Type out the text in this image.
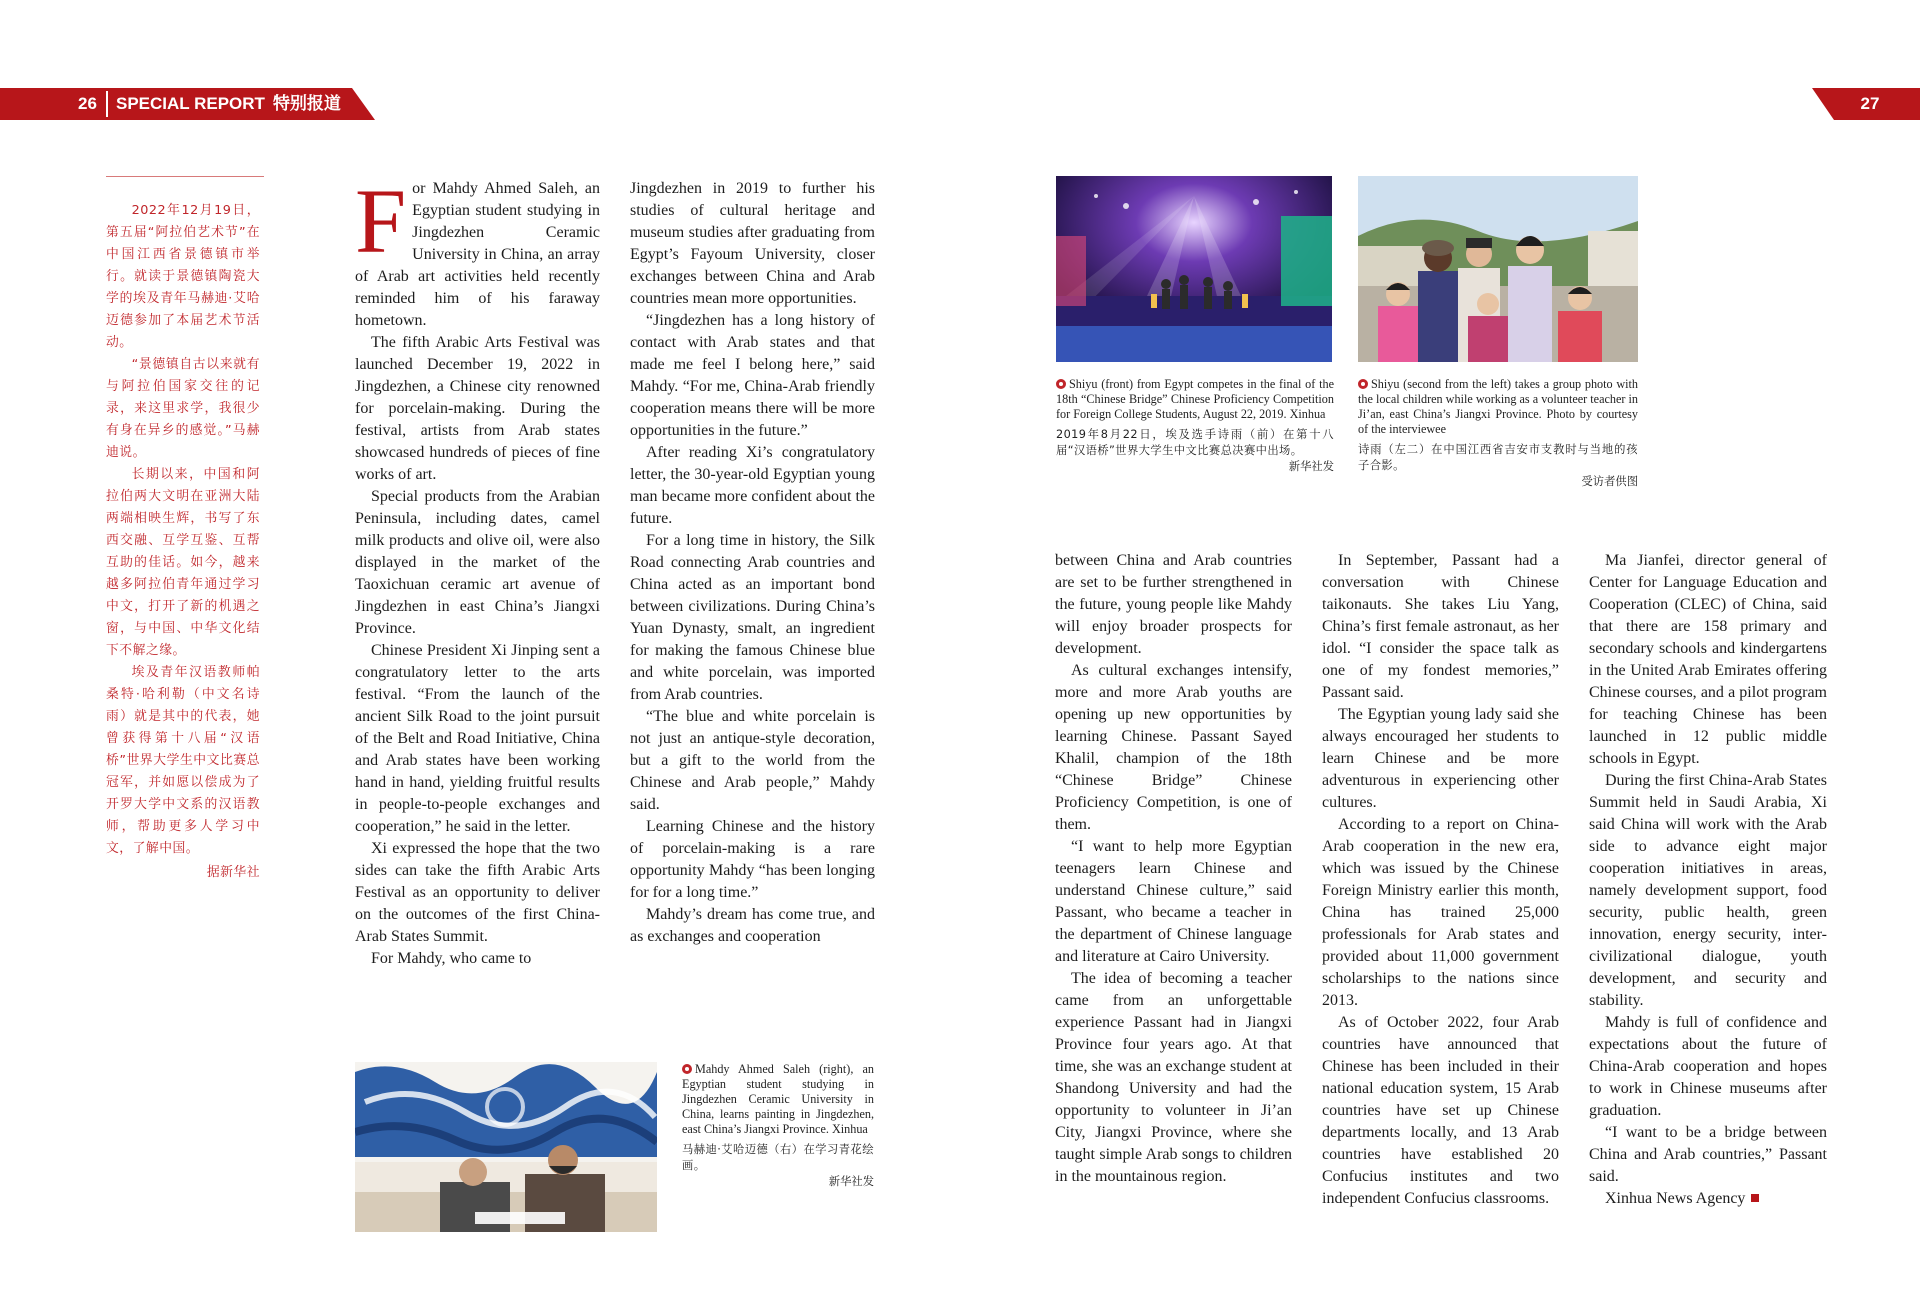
26	SPECIAL REPORT 特别报道	27

2022年12月19日，第五届“阿拉伯艺术节”在中国江西省景德镇市举行。就读于景德镇陶瓷大学的埃及青年马赫迪·艾哈迈德参加了本届艺术节活动。

“景德镇自古以来就有与阿拉伯国家交往的记录，来这里求学，我很少有身在异乡的感觉。”马赫迪说。

长期以来，中国和阿拉伯两大文明在亚洲大陆两端相映生辉，书写了东西交融、互学互鉴、互帮互助的佳话。如今，越来越多阿拉伯青年通过学习中文，打开了新的机遇之窗，与中国、中华文化结下不解之缘。

埃及青年汉语教师帕桑特·哈利勒（中文名诗雨）就是其中的代表，她曾获得第十八届“汉语桥”世界大学生中文比赛总冠军，并如愿以偿成为了开罗大学中文系的汉语教师，帮助更多人学习中文，了解中国。

据新华社

For Mahdy Ahmed Saleh, an Egyptian student studying in Jingdezhen Ceramic University in China, an array of Arab art activities held recently reminded him of his faraway hometown.

The fifth Arabic Arts Festival was launched December 19, 2022 in Jingdezhen, a Chinese city renowned for porcelain-making. During the festival, artists from Arab states showcased hundreds of pieces of fine works of art.

Special products from the Arabian Peninsula, including dates, camel milk products and olive oil, were also displayed in the market of the Taoxichuan ceramic art avenue of Jingdezhen in east China’s Jiangxi Province.

Chinese President Xi Jinping sent a congratulatory letter to the arts festival. “From the launch of the ancient Silk Road to the joint pursuit of the Belt and Road Initiative, China and Arab states have been working hand in hand, yielding fruitful results in people-to-people exchanges and cooperation,” he said in the letter.

Xi expressed the hope that the two sides can take the fifth Arabic Arts Festival as an opportunity to deliver on the outcomes of the first China-Arab States Summit.

For Mahdy, who came to

Jingdezhen in 2019 to further his studies of cultural heritage and museum studies after graduating from Egypt’s Fayoum University, closer exchanges between China and Arab countries mean more opportunities.

“Jingdezhen has a long history of contact with Arab states and that made me feel I belong here,” said Mahdy. “For me, China-Arab friendly cooperation means there will be more opportunities in the future.”

After reading Xi’s congratulatory letter, the 30-year-old Egyptian young man became more confident about the future.

For a long time in history, the Silk Road connecting Arab countries and China acted as an important bond between civilizations. During China’s Yuan Dynasty, smalt, an ingredient for making the famous Chinese blue and white porcelain, was imported from Arab countries.

“The blue and white porcelain is not just an antique-style decoration, but a gift to the world from the Chinese and Arab people,” Mahdy said.

Learning Chinese and the history of porcelain-making is a rare opportunity Mahdy “has been longing for for a long time.”

Mahdy’s dream has come true, and as exchanges and cooperation

Shiyu (front) from Egypt competes in the final of the 18th “Chinese Bridge” Chinese Proficiency Competition for Foreign College Students, August 22, 2019. Xinhua

2019年8月22日，埃及选手诗雨（前）在第十八届“汉语桥”世界大学生中文比赛总决赛中出场。

新华社发

Shiyu (second from the left) takes a group photo with the local children while working as a volunteer teacher in Ji’an, east China’s Jiangxi Province. Photo by courtesy of the interviewee

诗雨（左二）在中国江西省吉安市支教时与当地的孩子合影。

受访者供图

between China and Arab countries are set to be further strengthened in the future, young people like Mahdy will enjoy broader prospects for development.

As cultural exchanges intensify, more and more Arab youths are opening up new opportunities by learning Chinese. Passant Sayed Khalil, champion of the 18th “Chinese Bridge” Chinese Proficiency Competition, is one of them.

“I want to help more Egyptian teenagers learn Chinese and understand Chinese culture,” said Passant, who became a teacher in the department of Chinese language and literature at Cairo University.

The idea of becoming a teacher came from an unforgettable experience Passant had in Jiangxi Province four years ago. At that time, she was an exchange student at Shandong University and had the opportunity to volunteer in Ji’an City, Jiangxi Province, where she taught simple Arab songs to children in the mountainous region.

In September, Passant had a conversation with Chinese taikonauts. She takes Liu Yang, China’s first female astronaut, as her idol. “I consider the space talk as one of my fondest memories,” Passant said.

The Egyptian young lady said she always encouraged her students to learn Chinese and be more adventurous in experiencing other cultures.

According to a report on China-Arab cooperation in the new era, which was issued by the Chinese Foreign Ministry earlier this month, China has trained 25,000 professionals for Arab states and provided about 11,000 government scholarships to the nations since 2013.

As of October 2022, four Arab countries have announced that Chinese has been included in their national education system, 15 Arab countries have set up Chinese departments locally, and 13 Arab countries have established 20 Confucius institutes and two independent Confucius classrooms.

Ma Jianfei, director general of Center for Language Education and Cooperation (CLEC) of China, said that there are 158 primary and secondary schools and kindergartens in the United Arab Emirates offering Chinese courses, and a pilot program for teaching Chinese has been launched in 12 public middle schools in Egypt.

During the first China-Arab States Summit held in Saudi Arabia, Xi said China will work with the Arab side to advance eight major cooperation initiatives in areas, namely development support, food security, public health, green innovation, energy security, inter-civilizational dialogue, youth development, and security and stability.

Mahdy is full of confidence and expectations about the future of China-Arab cooperation and hopes to work in Chinese museums after graduation.

“I want to be a bridge between China and Arab countries,” Passant said.

Xinhua News Agency

Mahdy Ahmed Saleh (right), an Egyptian student studying in Jingdezhen Ceramic University in China, learns painting in Jingdezhen, east China’s Jiangxi Province. Xinhua

马赫迪·艾哈迈德（右）在学习青花绘画。

新华社发
